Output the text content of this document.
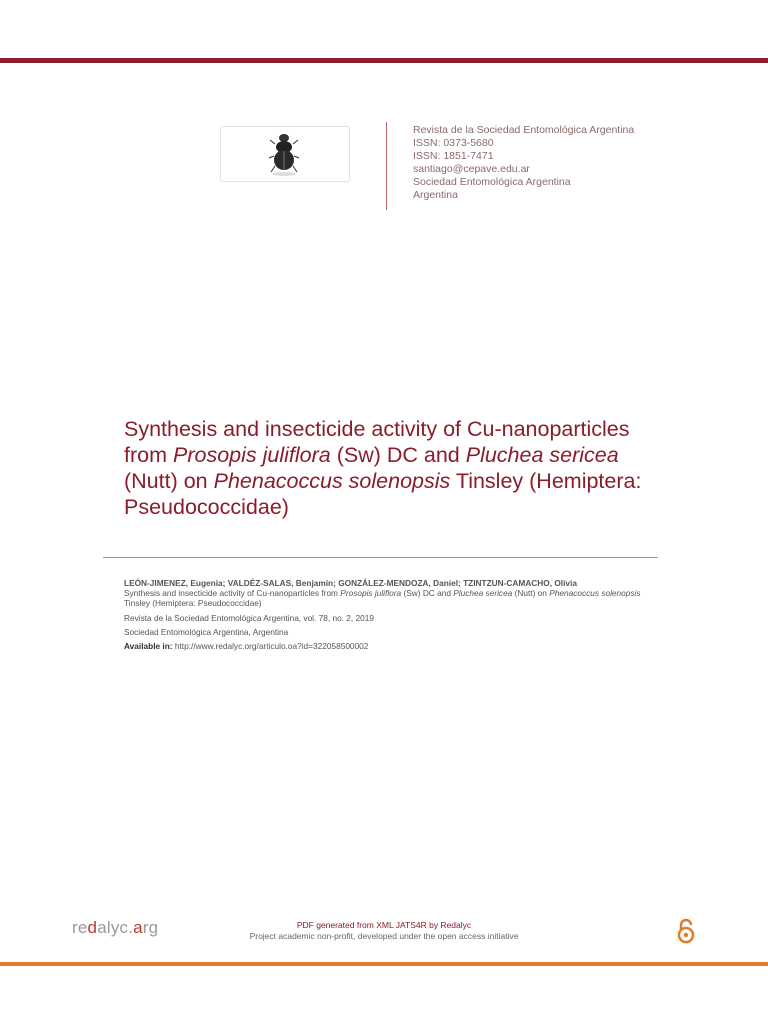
Revista de la Sociedad Entomológica Argentina
ISSN: 0373-5680
ISSN: 1851-7471
santiago@cepave.edu.ar
Sociedad Entomológica Argentina
Argentina
Synthesis and insecticide activity of Cu-nanoparticles from Prosopis juliflora (Sw) DC and Pluchea sericea (Nutt) on Phenacoccus solenopsis Tinsley (Hemiptera: Pseudococcidae)
LEÓN-JIMENEZ, Eugenia; VALDÉZ-SALAS, Benjamín; GONZÁLEZ-MENDOZA, Daniel; TZINTZUN-CAMACHO, Olivia
Synthesis and insecticide activity of Cu-nanoparticles from Prosopis juliflora (Sw) DC and Pluchea sericea (Nutt) on Phenacoccus solenopsis Tinsley (Hemiptera: Pseudococcidae)
Revista de la Sociedad Entomológica Argentina, vol. 78, no. 2, 2019
Sociedad Entomológica Argentina, Argentina
Available in: http://www.redalyc.org/articulo.oa?id=322058500002
redalyc.arg	PDF generated from XML JATS4R by Redalyc
Project academic non-profit, developed under the open access initiative
